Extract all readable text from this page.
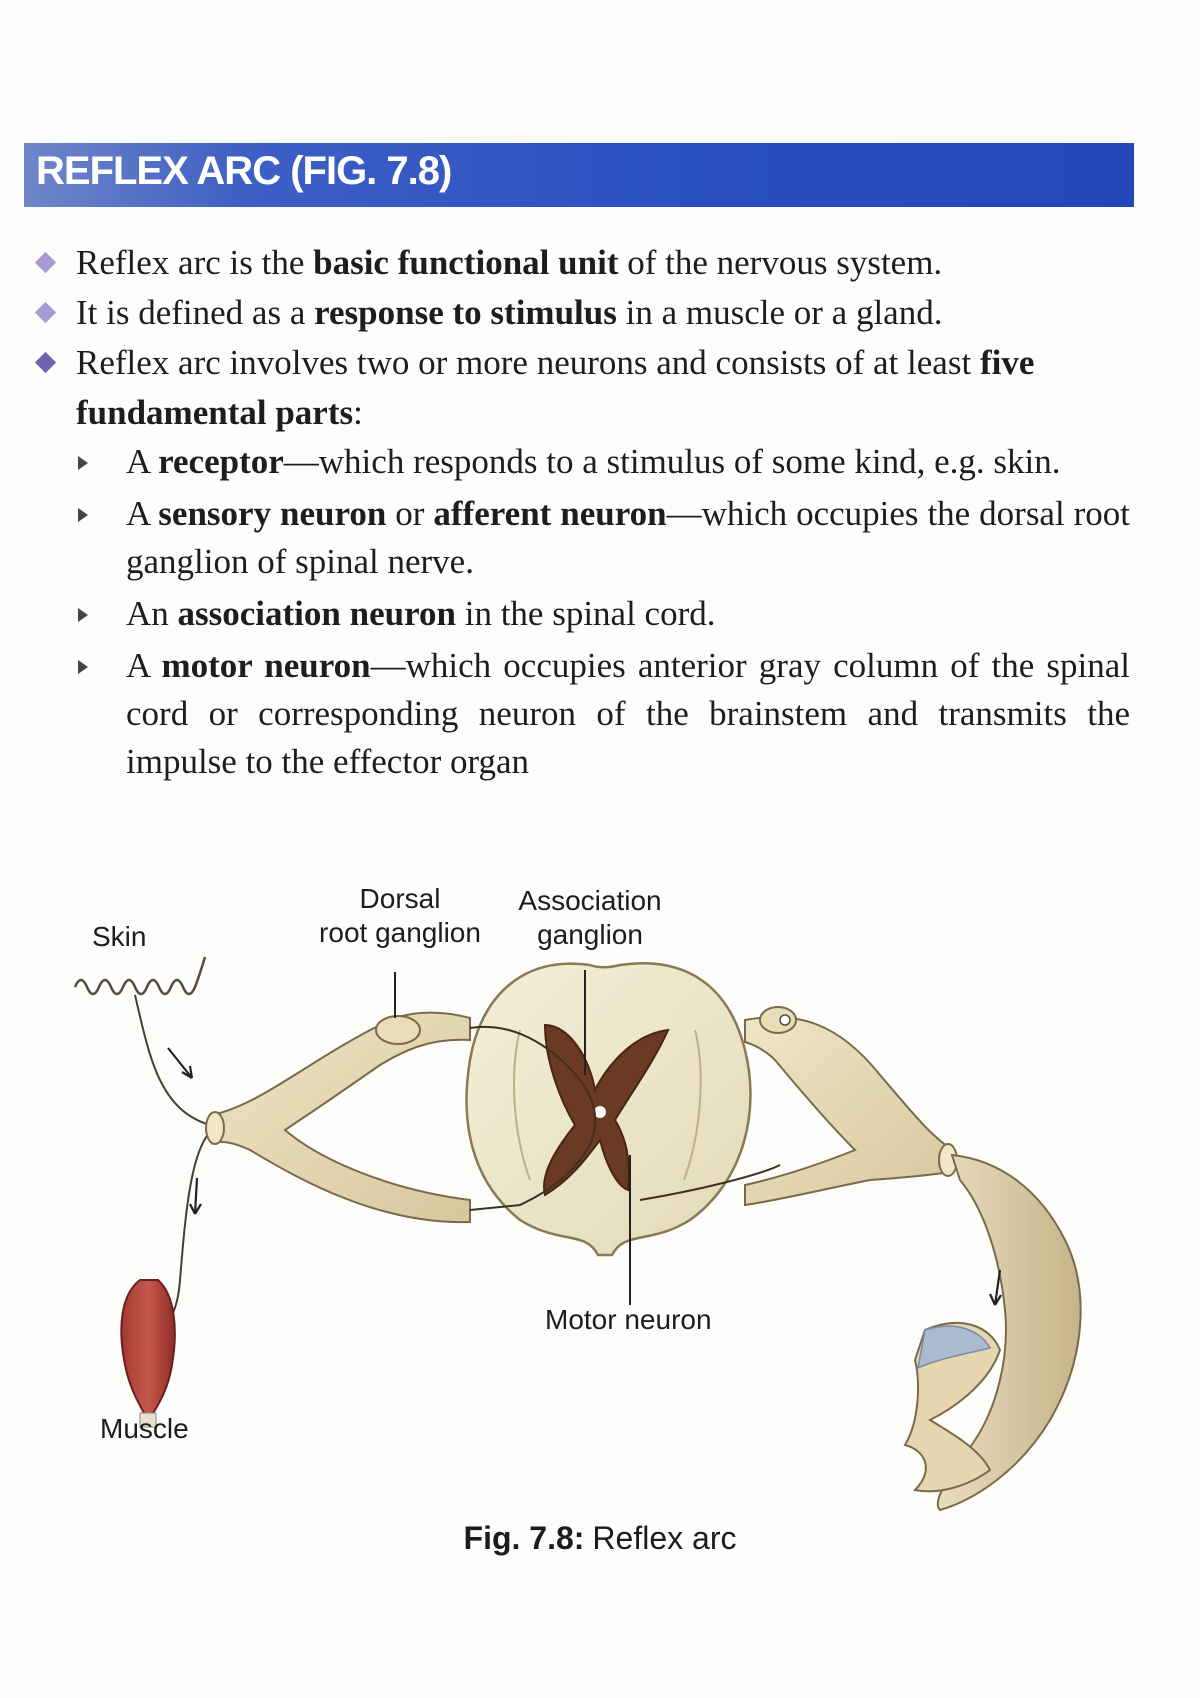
REFLEX ARC (FIG. 7.8)
Reflex arc is the basic functional unit of the nervous system.
It is defined as a response to stimulus in a muscle or a gland.
Reflex arc involves two or more neurons and consists of at least five fundamental parts:
A receptor—which responds to a stimulus of some kind, e.g. skin.
A sensory neuron or afferent neuron—which occupies the dorsal root ganglion of spinal nerve.
An association neuron in the spinal cord.
A motor neuron—which occupies anterior gray column of the spinal cord or corresponding neuron of the brainstem and transmits the impulse to the effector organ
Skin
Dorsal
root ganglion
Association
ganglion
Motor neuron
Muscle
Fig. 7.8: Reflex arc
